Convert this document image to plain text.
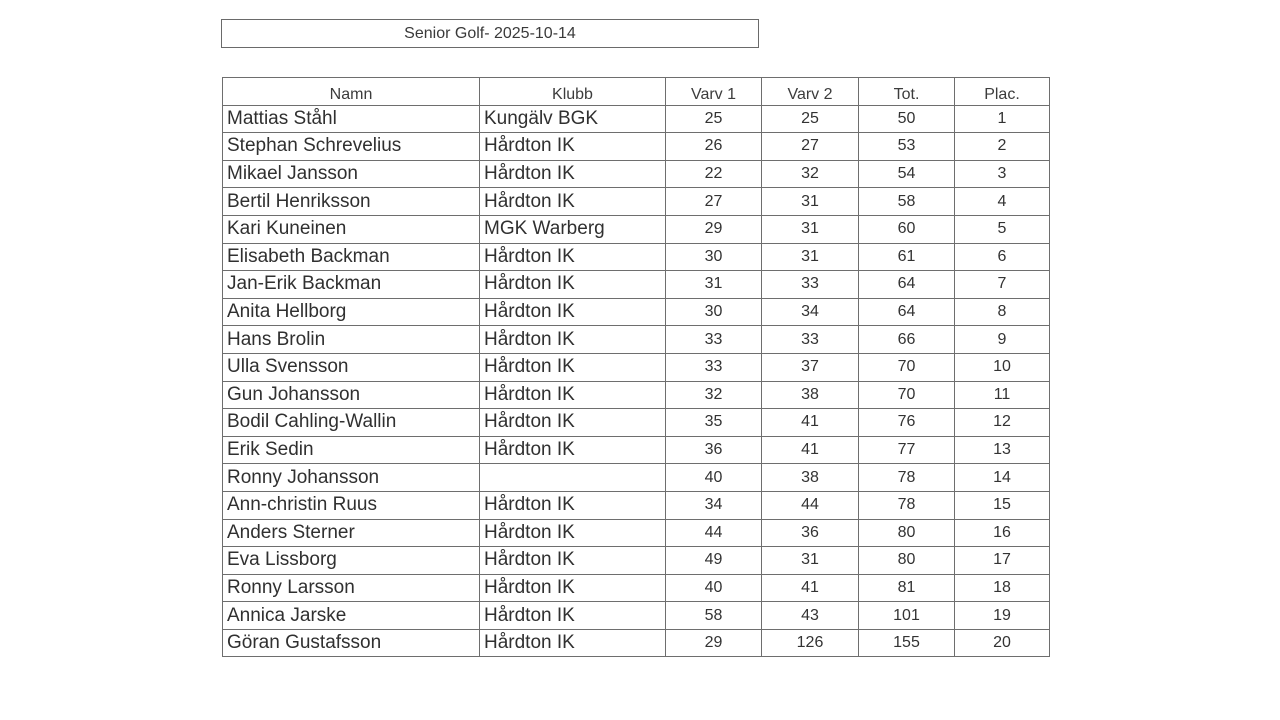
Senior Golf- 2025-10-14
Namn	Klubb	Varv 1	Varv 2	Tot.	Plac.
Mattias Ståhl	Kungälv BGK	25	25	50	1
Stephan Schrevelius	Hårdton IK	26	27	53	2
Mikael Jansson	Hårdton IK	22	32	54	3
Bertil Henriksson	Hårdton IK	27	31	58	4
Kari Kuneinen	MGK Warberg	29	31	60	5
Elisabeth Backman	Hårdton IK	30	31	61	6
Jan-Erik Backman	Hårdton IK	31	33	64	7
Anita Hellborg	Hårdton IK	30	34	64	8
Hans Brolin	Hårdton IK	33	33	66	9
Ulla Svensson	Hårdton IK	33	37	70	10
Gun Johansson	Hårdton IK	32	38	70	11
Bodil Cahling-Wallin	Hårdton IK	35	41	76	12
Erik Sedin	Hårdton IK	36	41	77	13
Ronny Johansson		40	38	78	14
Ann-christin Ruus	Hårdton IK	34	44	78	15
Anders Sterner	Hårdton IK	44	36	80	16
Eva Lissborg	Hårdton IK	49	31	80	17
Ronny Larsson	Hårdton IK	40	41	81	18
Annica Jarske	Hårdton IK	58	43	101	19
Göran Gustafsson	Hårdton IK	29	126	155	20
